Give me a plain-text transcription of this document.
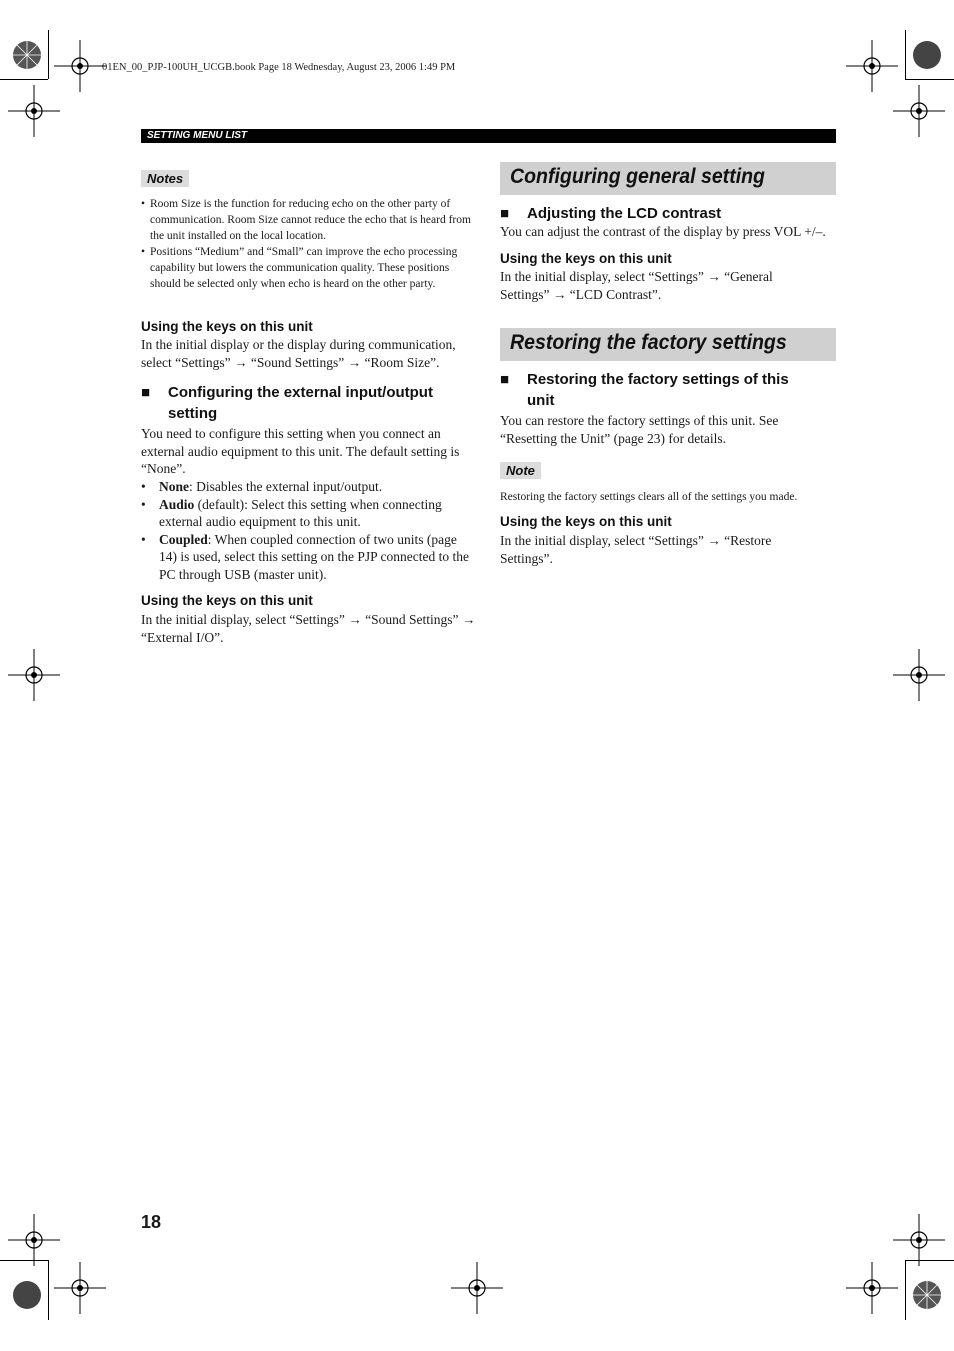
01EN_00_PJP-100UH_UCGB.book Page 18 Wednesday, August 23, 2006 1:49 PM
SETTING MENU LIST
Notes
• Room Size is the function for reducing echo on the other party of communication. Room Size cannot reduce the echo that is heard from the unit installed on the local location.
• Positions “Medium” and “Small” can improve the echo processing capability but lowers the communication quality. These positions should be selected only when echo is heard on the other party.
Using the keys on this unit
In the initial display or the display during communication, select “Settings” → “Sound Settings” → “Room Size”.
■ Configuring the external input/output
setting
You need to configure this setting when you connect an external audio equipment to this unit. The default setting is “None”.
• None: Disables the external input/output.
• Audio (default): Select this setting when connecting external audio equipment to this unit.
• Coupled: When coupled connection of two units (page 14) is used, select this setting on the PJP connected to the PC through USB (master unit).
Using the keys on this unit
In the initial display, select “Settings” → “Sound Settings” → “External I/O”.
Configuring general setting
■ Adjusting the LCD contrast
You can adjust the contrast of the display by press VOL +/–.
Using the keys on this unit
In the initial display, select “Settings” → “General Settings” → “LCD Contrast”.
Restoring the factory settings
■ Restoring the factory settings of this
unit
You can restore the factory settings of this unit. See “Resetting the Unit” (page 23) for details.
Note
Restoring the factory settings clears all of the settings you made.
Using the keys on this unit
In the initial display, select “Settings” → “Restore Settings”.
18
